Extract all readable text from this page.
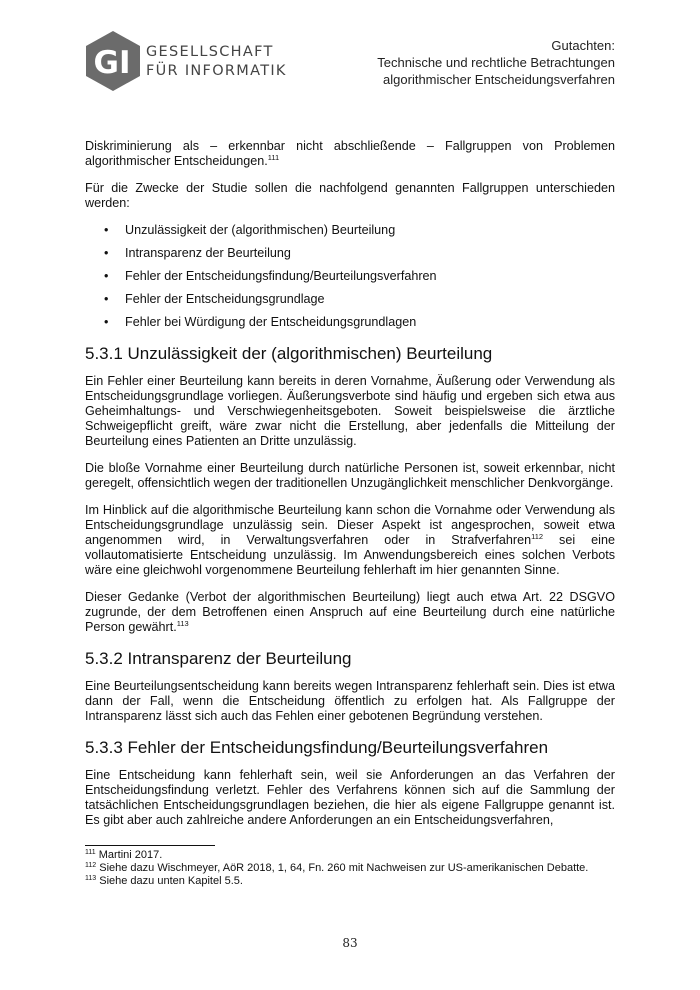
GI GESELLSCHAFT
FÜR INFORMATIK
Gutachten:
Technische und rechtliche Betrachtungen
algorithmischer Entscheidungsverfahren

Diskriminierung als – erkennbar nicht abschließende – Fallgruppen von Problemen algorithmischer Entscheidungen.$^{111}$

Für die Zwecke der Studie sollen die nachfolgend genannten Fallgruppen unterschieden werden:

• Unzulässigkeit der (algorithmischen) Beurteilung
• Intransparenz der Beurteilung
• Fehler der Entscheidungsfindung/Beurteilungsverfahren
• Fehler der Entscheidungsgrundlage
• Fehler bei Würdigung der Entscheidungsgrundlagen
5.3.1 Unzulässigkeit der (algorithmischen) Beurteilung

Ein Fehler einer Beurteilung kann bereits in deren Vornahme, Äußerung oder Verwendung als Entscheidungsgrundlage vorliegen. Äußerungsverbote sind häufig und ergeben sich etwa aus Geheimhaltungs- und Verschwiegenheitsgeboten. Soweit beispielsweise die ärztliche Schweigepflicht greift, wäre zwar nicht die Erstellung, aber jedenfalls die Mitteilung der Beurteilung eines Patienten an Dritte unzulässig.

Die bloße Vornahme einer Beurteilung durch natürliche Personen ist, soweit erkennbar, nicht geregelt, offensichtlich wegen der traditionellen Unzugänglichkeit menschlicher Denkvorgänge.

Im Hinblick auf die algorithmische Beurteilung kann schon die Vornahme oder Verwendung als Entscheidungsgrundlage unzulässig sein. Dieser Aspekt ist angesprochen, soweit etwa angenommen wird, in Verwaltungsverfahren oder in Strafverfahren$^{112}$ sei eine vollautomatisierte Entscheidung unzulässig. Im Anwendungsbereich eines solchen Verbots wäre eine gleichwohl vorgenommene Beurteilung fehlerhaft im hier genannten Sinne.

Dieser Gedanke (Verbot der algorithmischen Beurteilung) liegt auch etwa Art. 22 DSGVO zugrunde, der dem Betroffenen einen Anspruch auf eine Beurteilung durch eine natürliche Person gewährt.$^{113}$

5.3.2 Intransparenz der Beurteilung

Eine Beurteilungsentscheidung kann bereits wegen Intransparenz fehlerhaft sein. Dies ist etwa dann der Fall, wenn die Entscheidung öffentlich zu erfolgen hat. Als Fallgruppe der Intransparenz lässt sich auch das Fehlen einer gebotenen Begründung verstehen.

5.3.3 Fehler der Entscheidungsfindung/Beurteilungsverfahren

Eine Entscheidung kann fehlerhaft sein, weil sie Anforderungen an das Verfahren der Entscheidungsfindung verletzt. Fehler des Verfahrens können sich auf die Sammlung der tatsächlichen Entscheidungsgrundlagen beziehen, die hier als eigene Fallgruppe genannt ist. Es gibt aber auch zahlreiche andere Anforderungen an ein Entscheidungsverfahren,

$^{111}$ Martini 2017.

$^{112}$ Siehe dazu Wischmeyer, AöR 2018, 1, 64, Fn. 260 mit Nachweisen zur US-amerikanischen Debatte.

$^{113}$ Siehe dazu unten Kapitel 5.5.

83
